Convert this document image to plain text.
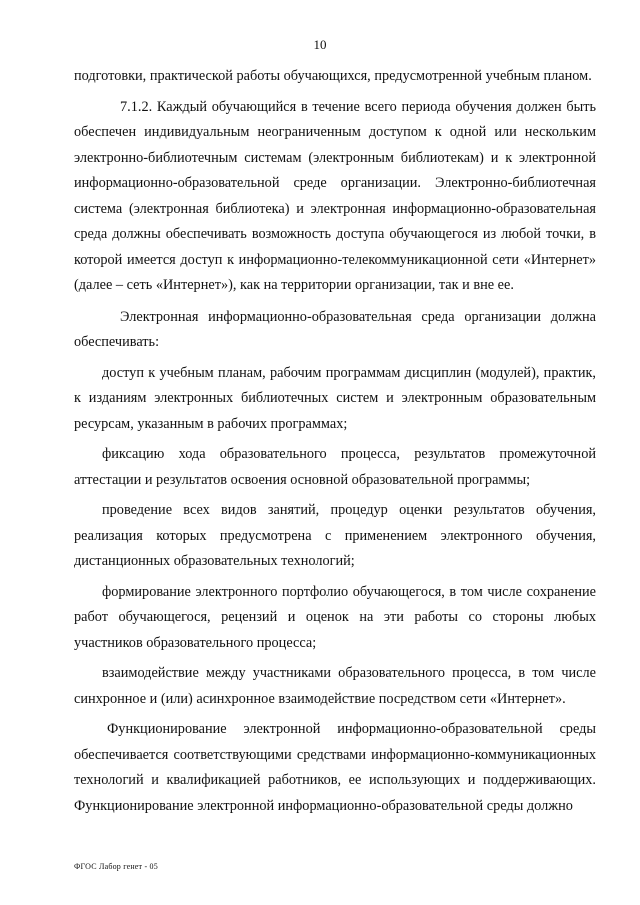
10

подготовки, практической работы обучающихся, предусмотренной учебным планом.

7.1.2. Каждый обучающийся в течение всего периода обучения должен быть обеспечен индивидуальным неограниченным доступом к одной или нескольким электронно-библиотечным системам (электронным библиотекам) и к электронной информационно-образовательной среде организации. Электронно-библиотечная система (электронная библиотека) и электронная информационно-образовательная среда должны обеспечивать возможность доступа обучающегося из любой точки, в которой имеется доступ к информационно-телекоммуникационной сети «Интернет» (далее – сеть «Интернет»), как на территории организации, так и вне ее.

Электронная информационно-образовательная среда организации должна обеспечивать:

доступ к учебным планам, рабочим программам дисциплин (модулей), практик, к изданиям электронных библиотечных систем и электронным образовательным ресурсам, указанным в рабочих программах;

фиксацию хода образовательного процесса, результатов промежуточной аттестации и результатов освоения основной образовательной программы;

проведение всех видов занятий, процедур оценки результатов обучения, реализация которых предусмотрена с применением электронного обучения, дистанционных образовательных технологий;

формирование электронного портфолио обучающегося, в том числе сохранение работ обучающегося, рецензий и оценок на эти работы со стороны любых участников образовательного процесса;

взаимодействие между участниками образовательного процесса, в том числе синхронное и (или) асинхронное взаимодействие посредством сети «Интернет».

Функционирование электронной информационно-образовательной среды обеспечивается соответствующими средствами информационно-коммуникационных технологий и квалификацией работников, ее использующих и поддерживающих. Функционирование электронной информационно-образовательной среды должно

ФГОС Лабор генет - 05
